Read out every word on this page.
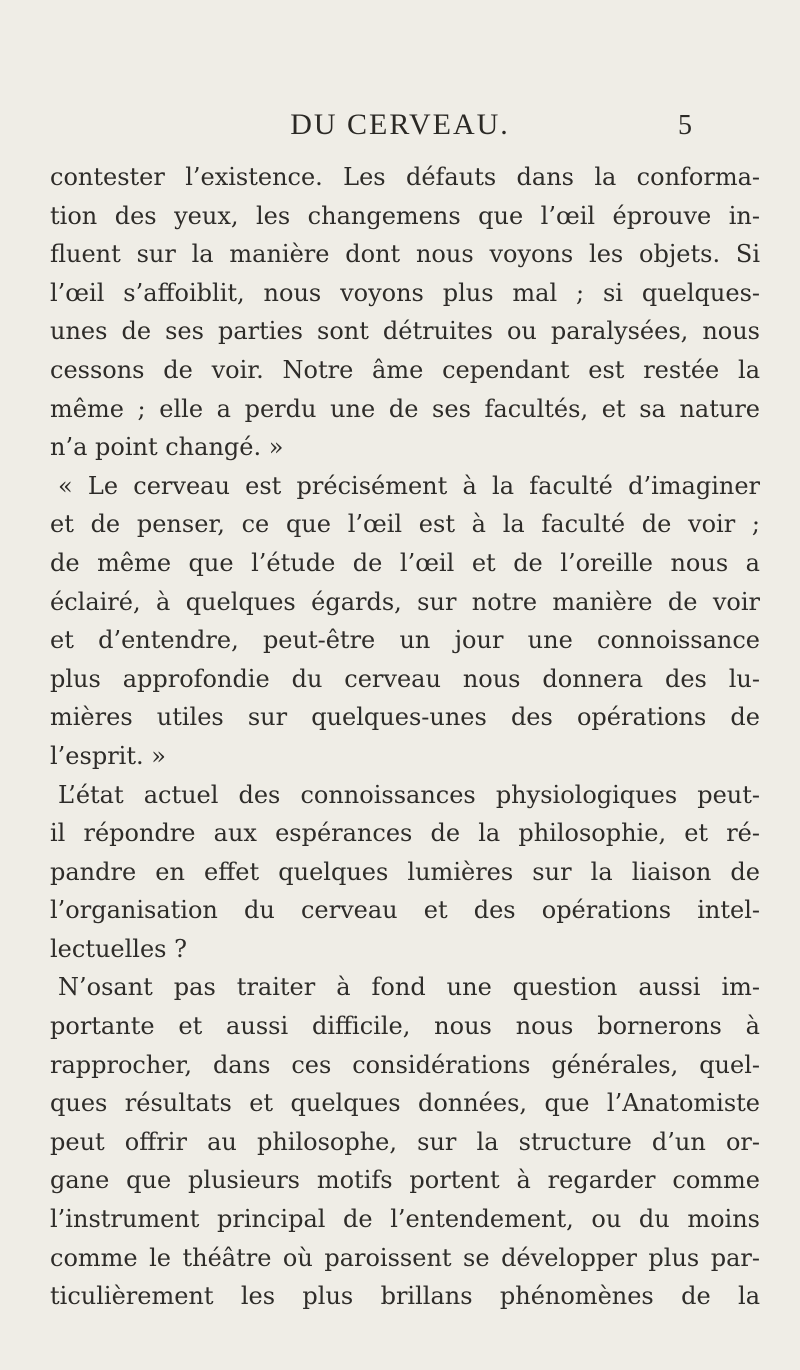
DU CERVEAU.	5
contester l’existence. Les défauts dans la conforma-
tion des yeux, les changemens que l’œil éprouve in-
fluent sur la manière dont nous voyons les objets. Si
l’œil s’affoiblit, nous voyons plus mal ; si quelques-
unes de ses parties sont détruites ou paralysées, nous
cessons de voir. Notre âme cependant est restée la
même ; elle a perdu une de ses facultés, et sa nature
n’a point changé. »
« Le cerveau est précisément à la faculté d’imaginer
et de penser, ce que l’œil est à la faculté de voir ;
de même que l’étude de l’œil et de l’oreille nous a
éclairé, à quelques égards, sur notre manière de voir
et d’entendre, peut-être un jour une connoissance
plus approfondie du cerveau nous donnera des lu-
mières utiles sur quelques-unes des opérations de
l’esprit. »
L’état actuel des connoissances physiologiques peut-
il répondre aux espérances de la philosophie, et ré-
pandre en effet quelques lumières sur la liaison de
l’organisation du cerveau et des opérations intel-
lectuelles ?
N’osant pas traiter à fond une question aussi im-
portante et aussi difficile, nous nous bornerons à
rapprocher, dans ces considérations générales, quel-
ques résultats et quelques données, que l’Anatomiste
peut offrir au philosophe, sur la structure d’un or-
gane que plusieurs motifs portent à regarder comme
l’instrument principal de l’entendement, ou du moins
comme le théâtre où paroissent se développer plus par-
ticulièrement les plus brillans phénomènes de la
